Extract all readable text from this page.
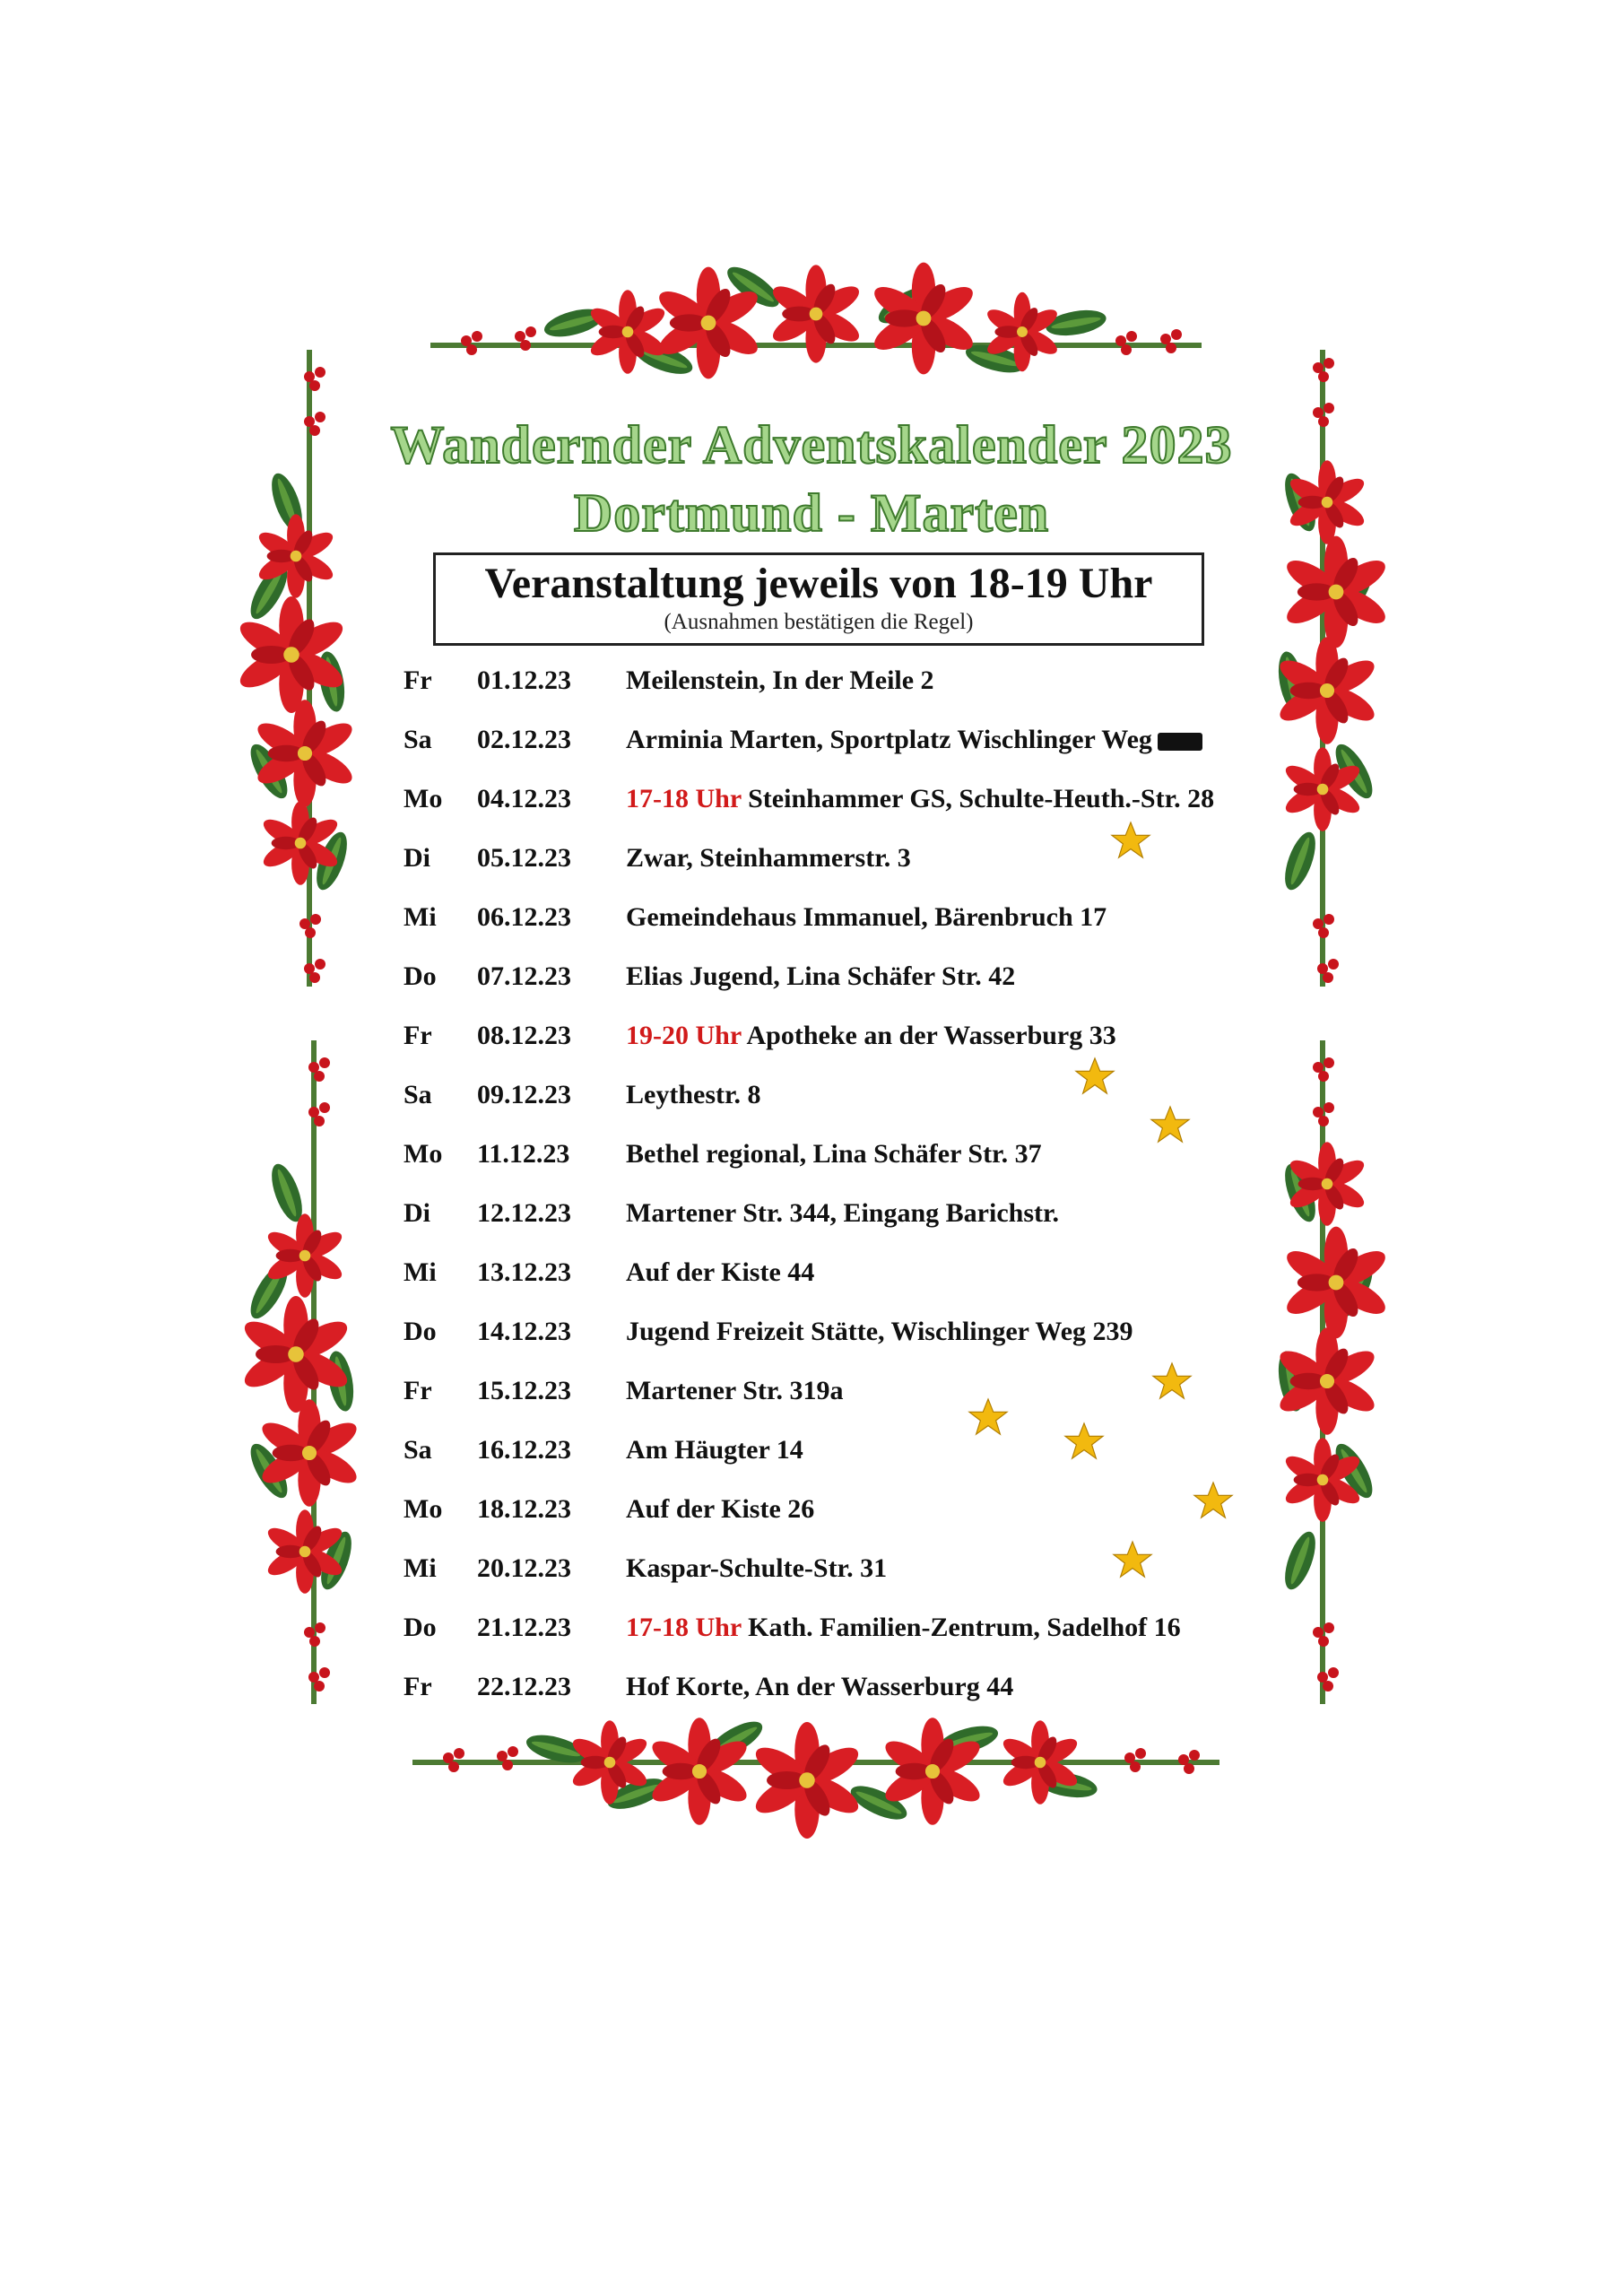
Wandernder Adventskalender 2023
Dortmund - Marten
Veranstaltung jeweils von 18-19 Uhr
(Ausnahmen bestätigen die Regel)
Fr 01.12.23 Meilenstein, In der Meile 2
Sa 02.12.23 Arminia Marten, Sportplatz Wischlinger Weg
Mo 04.12.23 17-18 Uhr Steinhammer GS, Schulte-Heuth.-Str. 28
Di 05.12.23 Zwar, Steinhammerstr. 3
Mi 06.12.23 Gemeindehaus Immanuel, Bärenbruch 17
Do 07.12.23 Elias Jugend, Lina Schäfer Str. 42
Fr 08.12.23 19-20 Uhr Apotheke an der Wasserburg 33
Sa 09.12.23 Leythestr. 8
Mo 11.12.23 Bethel regional, Lina Schäfer Str. 37
Di 12.12.23 Martener Str. 344, Eingang Barichstr.
Mi 13.12.23 Auf der Kiste 44
Do 14.12.23 Jugend Freizeit Stätte, Wischlinger Weg 239
Fr 15.12.23 Martener Str. 319a
Sa 16.12.23 Am Häugter 14
Mo 18.12.23 Auf der Kiste 26
Mi 20.12.23 Kaspar-Schulte-Str. 31
Do 21.12.23 17-18 Uhr Kath. Familien-Zentrum, Sadelhof 16
Fr 22.12.23 Hof Korte, An der Wasserburg 44
